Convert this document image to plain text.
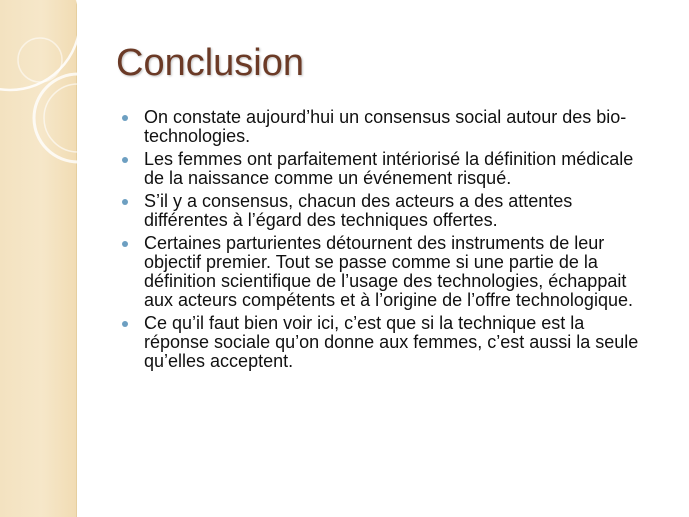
Conclusion
On constate aujourd’hui un consensus social autour des bio-technologies.
Les femmes ont parfaitement intériorisé la définition médicale de la naissance comme un événement risqué.
S’il y a consensus, chacun des acteurs a des attentes différentes à l’égard des techniques offertes.
Certaines parturientes détournent des instruments de leur objectif premier. Tout se passe comme si une partie de la définition scientifique de l’usage des technologies, échappait aux acteurs compétents et à l’origine de l’offre technologique.
Ce qu’il faut bien voir ici, c’est que si la technique est la réponse sociale qu’on donne aux femmes, c’est aussi la seule qu’elles acceptent.
